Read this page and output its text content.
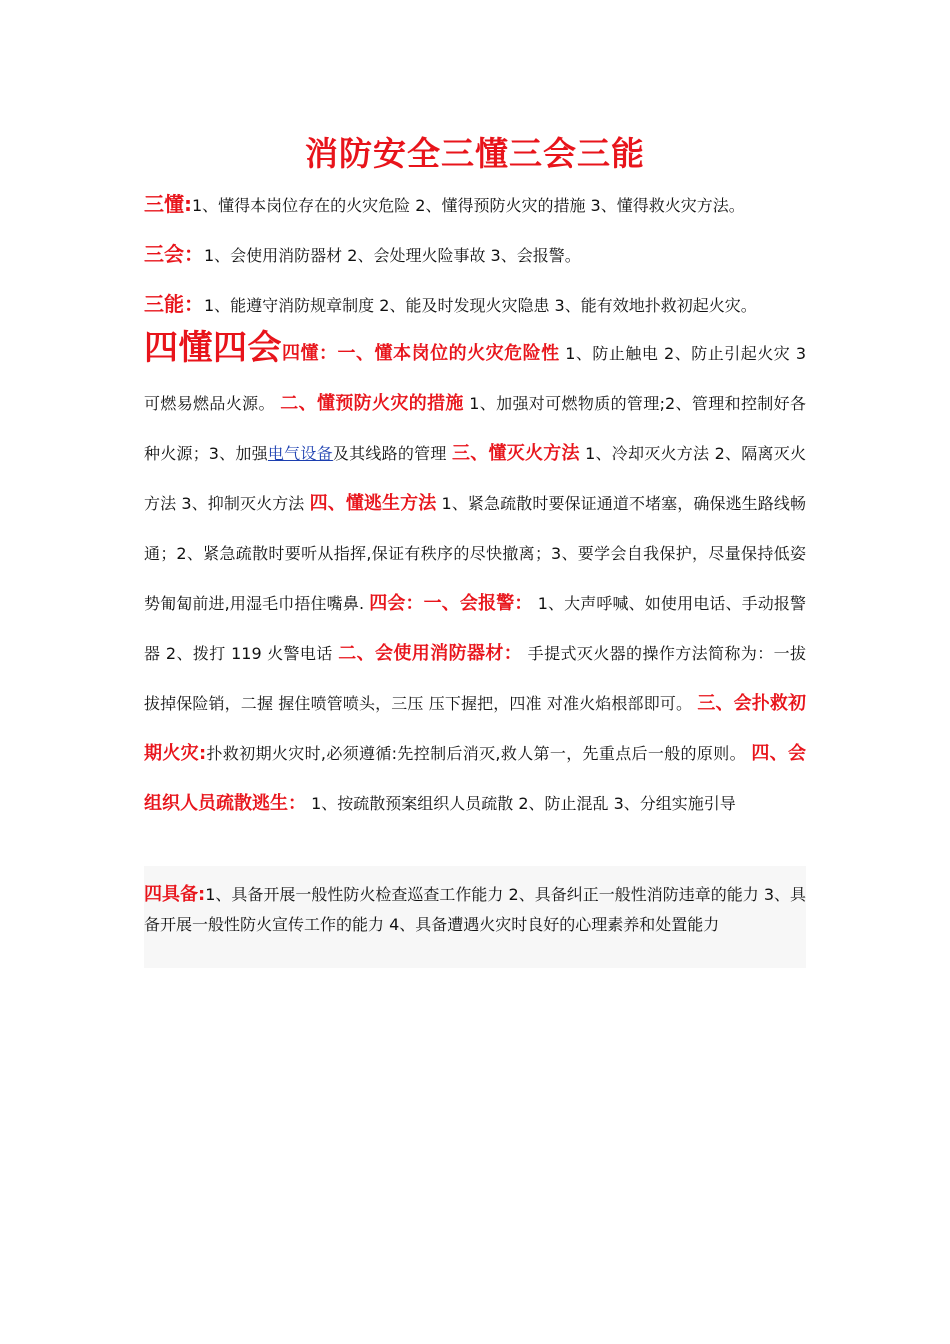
消防安全三懂三会三能
三懂:1、懂得本岗位存在的火灾危险 2、懂得预防火灾的措施 3、懂得救火灾方法。
三会：1、会使用消防器材 2、会处理火险事故 3、会报警。
三能：1、能遵守消防规章制度 2、能及时发现火灾隐患 3、能有效地扑救初起火灾。
四懂四会四懂：一、懂本岗位的火灾危险性 1、防止触电 2、防止引起火灾 3 可燃易燃品火源。 二、懂预防火灾的措施 1、加强对可燃物质的管理;2、管理和控制好各种火源；3、加强电气设备及其线路的管理 三、懂灭火方法 1、冷却灭火方法 2、隔离灭火方法 3、抑制灭火方法 四、懂逃生方法 1、紧急疏散时要保证通道不堵塞，确保逃生路线畅通；2、紧急疏散时要听从指挥,保证有秩序的尽快撤离；3、要学会自我保护，尽量保持低姿势匍匐前进,用湿毛巾捂住嘴鼻. 四会：一、会报警： 1、大声呼喊、如使用电话、手动报警器 2、拨打 119 火警电话 二、会使用消防器材： 手提式灭火器的操作方法简称为：一拔 拔掉保险销，二握 握住喷管喷头，三压 压下握把，四准 对准火焰根部即可。 三、会扑救初期火灾:扑救初期火灾时,必须遵循:先控制后消灭,救人第一，先重点后一般的原则。 四、会组织人员疏散逃生： 1、按疏散预案组织人员疏散 2、防止混乱 3、分组实施引导
四具备:1、具备开展一般性防火检查巡查工作能力 2、具备纠正一般性消防违章的能力 3、具备开展一般性防火宣传工作的能力 4、具备遭遇火灾时良好的心理素养和处置能力
